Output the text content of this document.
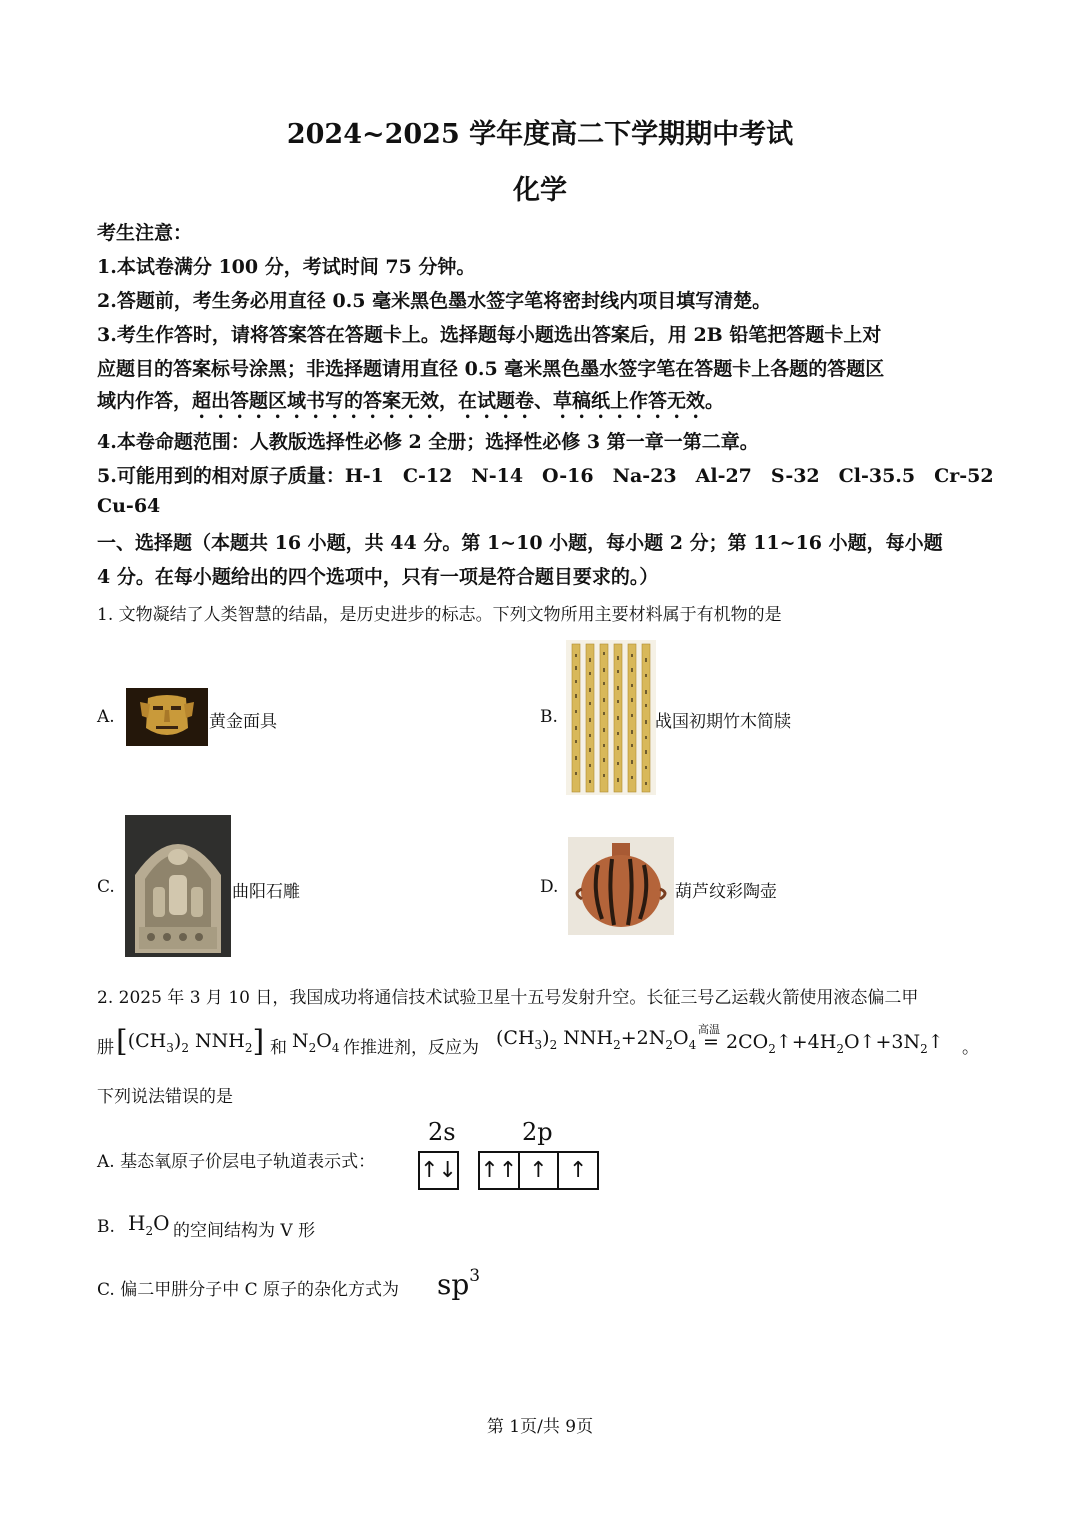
2024~2025 学年度高二下学期期中考试
化学
考生注意：
1.本试卷满分 100 分，考试时间 75 分钟。
2.答题前，考生务必用直径 0.5 毫米黑色墨水签字笔将密封线内项目填写清楚。
3.考生作答时，请将答案答在答题卡上。选择题每小题选出答案后，用 2B 铅笔把答题卡上对
应题目的答案标号涂黑；非选择题请用直径 0.5 毫米黑色墨水签字笔在答题卡上各题的答题区
域内作答，超出答题区域书写的答案无效，在试题卷、草稿纸上作答无效。
4.本卷命题范围：人教版选择性必修 2 全册；选择性必修 3 第一章一第二章。
5.可能用到的相对原子质量：H-1　C-12　N-14　O-16　Na-23　Al-27　S-32　Cl-35.5　Cr-52
Cu-64
一、选择题（本题共 16 小题，共 44 分。第 1~10 小题，每小题 2 分；第 11~16 小题，每小题
4 分。在每小题给出的四个选项中，只有一项是符合题目要求的。）
1. 文物凝结了人类智慧的结晶，是历史进步的标志。下列文物所用主要材料属于有机物的是
A.	黄金面具	B.	战国初期竹木简牍
C.	曲阳石雕	D.	葫芦纹彩陶壶
2. 2025 年 3 月 10 日，我国成功将通信技术试验卫星十五号发射升空。长征三号乙运载火箭使用液态偏二甲
肼 [$(CH_3)_2$ $NNH_2$] 和 $N_2O_4$ 作推进剂，反应为 $(CH_3)_2$ $NNH_2+2N_2O_4$
高温
= $2CO_2↑+4H_2O↑+3N_2↑$ 。
下列说法错误的是
A. 基态氧原子价层电子轨道表示式：
2s	2p
↑↓ ↑↑ ↑ ↑
B. $H_2O$ 的空间结构为 V 形
C. 偏二甲肼分子中 C 原子的杂化方式为 $sp^3$
第 1页/共 9页
